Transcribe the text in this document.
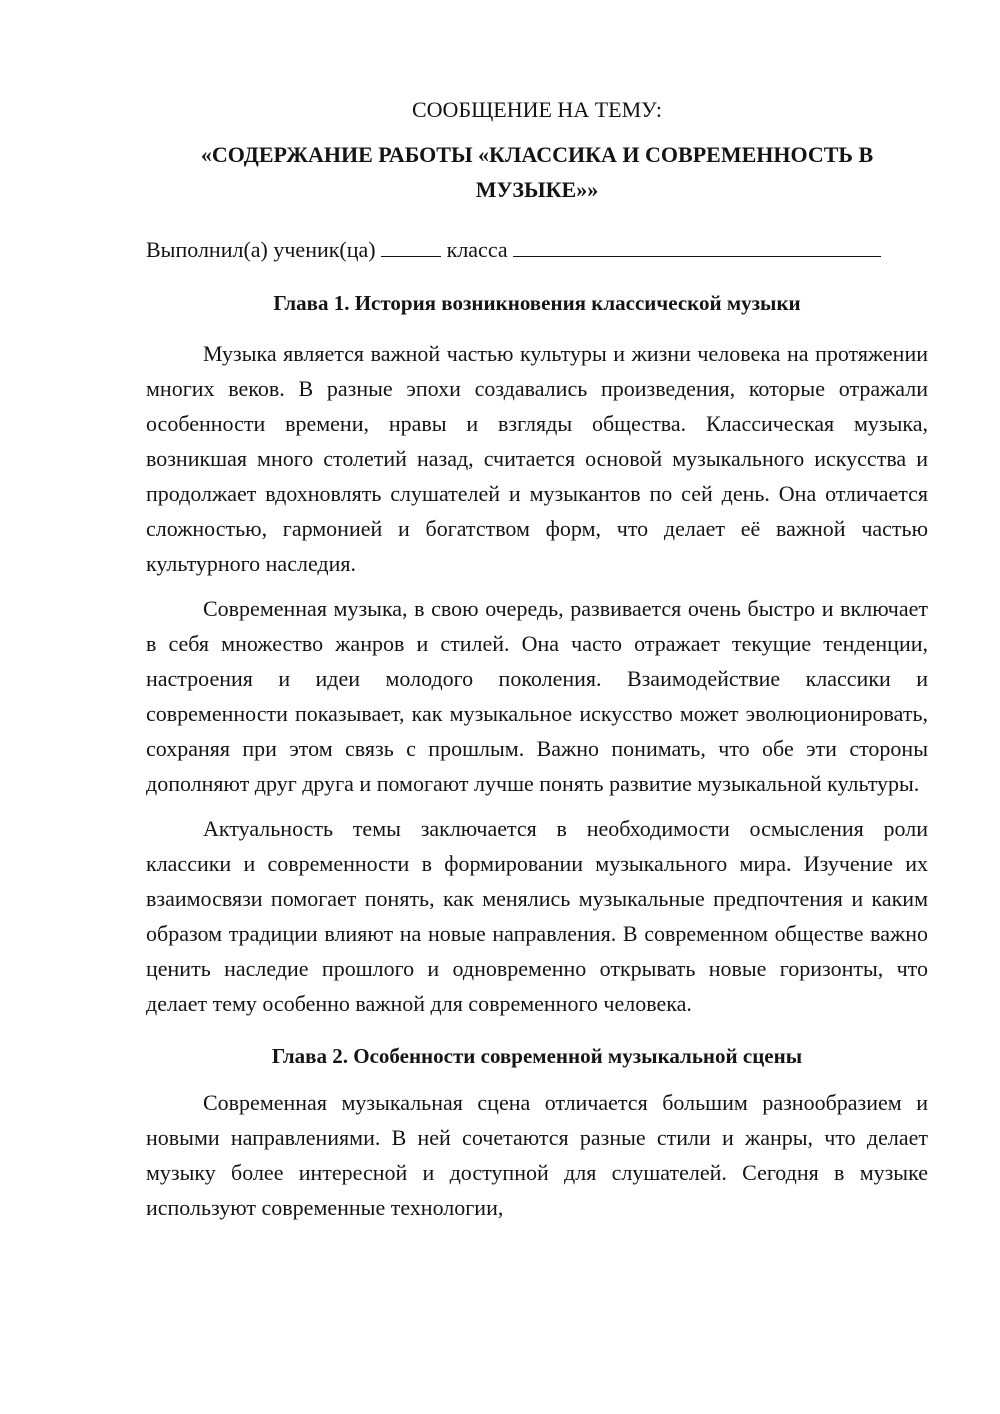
СООБЩЕНИЕ НА ТЕМУ:

«СОДЕРЖАНИЕ РАБОТЫ «КЛАССИКА И СОВРЕМЕННОСТЬ В МУЗЫКЕ»»

Выполнил(а) ученик(ца)	класса

Глава 1. История возникновения классической музыки

Музыка является важной частью культуры и жизни человека на протяжении многих веков. В разные эпохи создавались произведения, которые отражали особенности времени, нравы и взгляды общества. Классическая музыка, возникшая много столетий назад, считается основой музыкального искусства и продолжает вдохновлять слушателей и музыкантов по сей день. Она отличается сложностью, гармонией и богатством форм, что делает её важной частью культурного наследия.

Современная музыка, в свою очередь, развивается очень быстро и включает в себя множество жанров и стилей. Она часто отражает текущие тенденции, настроения и идеи молодого поколения. Взаимодействие классики и современности показывает, как музыкальное искусство может эволюционировать, сохраняя при этом связь с прошлым. Важно понимать, что обе эти стороны дополняют друг друга и помогают лучше понять развитие музыкальной культуры.

Актуальность темы заключается в необходимости осмысления роли классики и современности в формировании музыкального мира. Изучение их взаимосвязи помогает понять, как менялись музыкальные предпочтения и каким образом традиции влияют на новые направления. В современном обществе важно ценить наследие прошлого и одновременно открывать новые горизонты, что делает тему особенно важной для современного человека.

Глава 2. Особенности современной музыкальной сцены

Современная музыкальная сцена отличается большим разнообразием и новыми направлениями. В ней сочетаются разные стили и жанры, что делает музыку более интересной и доступной для слушателей. Сегодня в музыке используют современные технологии,
